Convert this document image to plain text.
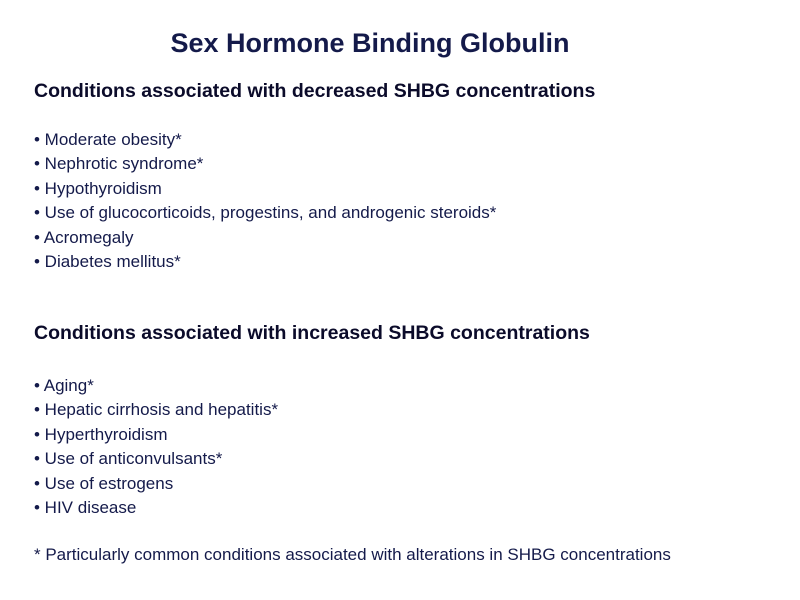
Sex Hormone Binding Globulin
Conditions associated with decreased SHBG concentrations
• Moderate obesity*
• Nephrotic syndrome*
• Hypothyroidism
• Use of glucocorticoids, progestins, and androgenic steroids*
• Acromegaly
• Diabetes mellitus*
Conditions associated with increased SHBG concentrations
• Aging*
• Hepatic cirrhosis and hepatitis*
• Hyperthyroidism
• Use of anticonvulsants*
• Use of estrogens
• HIV disease
* Particularly common conditions associated with alterations in SHBG concentrations
